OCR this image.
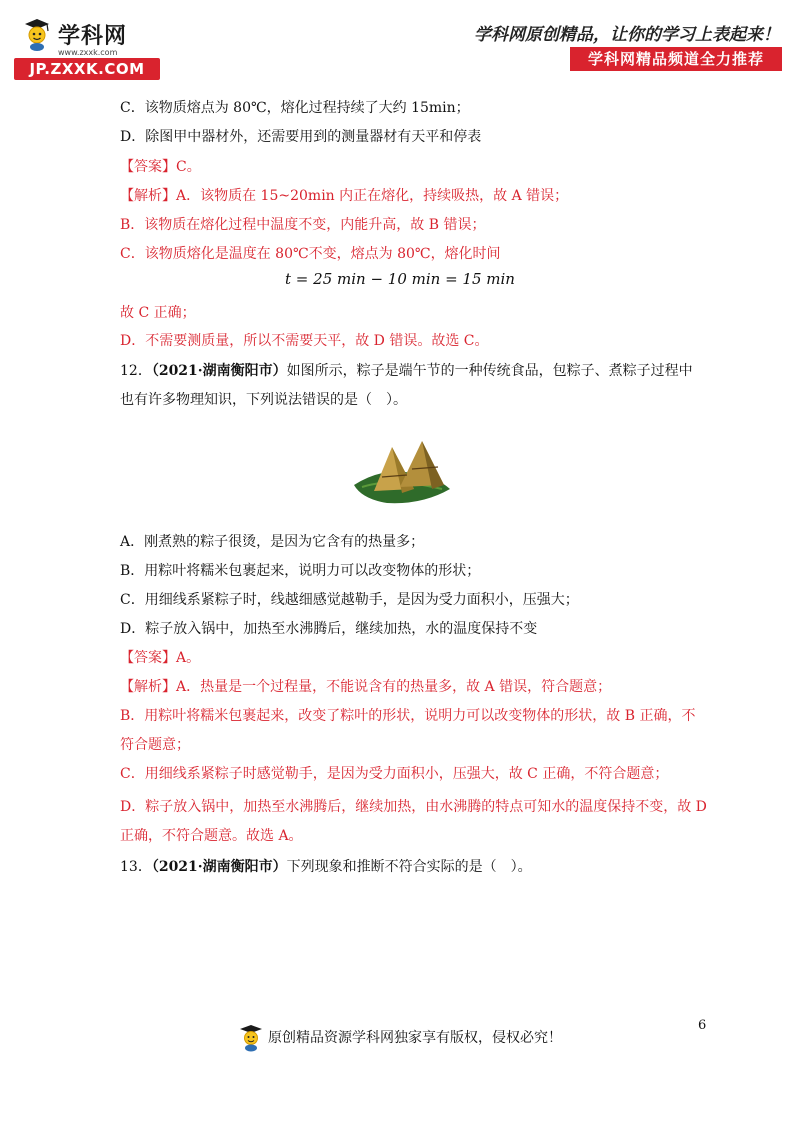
学科网
www.zxxk.com
JP.ZXXK.COM
学科网原创精品，让你的学习上表起来！
学科网精品频道全力推荐
C．该物质熔点为 80℃，熔化过程持续了大约 15min；
D．除图甲中器材外，还需要用到的测量器材有天平和停表
【答案】C。
【解析】A．该物质在 15~20min 内正在熔化，持续吸热，故 A 错误；
B．该物质在熔化过程中温度不变，内能升高，故 B 错误；
C．该物质熔化是温度在 80℃不变，熔点为 80℃，熔化时间
t = 25 min − 10 min = 15 min
故 C 正确；
D．不需要测质量，所以不需要天平，故 D 错误。故选 C。
12．（2021·湖南衡阳市）如图所示，粽子是端午节的一种传统食品，包粽子、煮粽子过程中
也有许多物理知识，下列说法错误的是（　）。
A．刚煮熟的粽子很烫，是因为它含有的热量多；
B．用粽叶将糯米包裹起来，说明力可以改变物体的形状；
C．用细线系紧粽子时，线越细感觉越勒手，是因为受力面积小，压强大；
D．粽子放入锅中，加热至水沸腾后，继续加热，水的温度保持不变
【答案】A。
【解析】A．热量是一个过程量，不能说含有的热量多，故 A 错误，符合题意；
B．用粽叶将糯米包裹起来，改变了粽叶的形状，说明力可以改变物体的形状，故 B 正确，不
符合题意；
C．用细线系紧粽子时感觉勒手，是因为受力面积小，压强大，故 C 正确，不符合题意；
D．粽子放入锅中，加热至水沸腾后，继续加热，由水沸腾的特点可知水的温度保持不变，故 D
正确，不符合题意。故选 A。
13．（2021·湖南衡阳市）下列现象和推断不符合实际的是（　）。
6
原创精品资源学科网独家享有版权，侵权必究！
